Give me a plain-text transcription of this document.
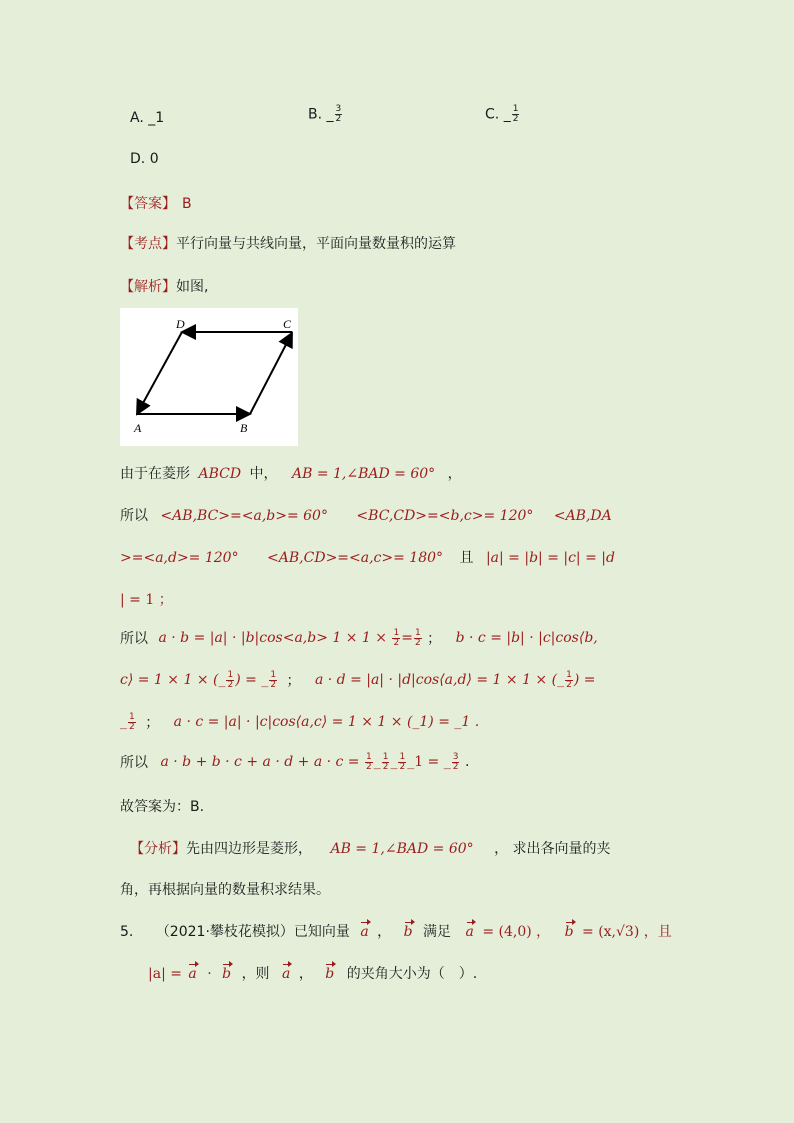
A. _1	B. _ $\frac{3}{2}$	C. _ $\frac{1}{2}$
D. 0
【答案】 B
【考点】平行向量与共线向量，平面向量数量积的运算
【解析】如图,
A	B
C
D
由于在菱形 ABCD 中， AB = 1,∠BAD = 60° ，
所以 <AB,BC>=<a,b>= 60° <BC,CD>=<b,c>= 120° <AB,DA
>=<a,d>= 120° <AB,CD>=<a,c>= 180° 且 |a| = |b| = |c| = |d
| = 1 ；
所以 $a \cdot b = |a| \cdot |b|\cos<a,b> 1 \times 1 \times \frac{1}{2} = \frac{1}{2}$ ； b · c = |b| · |c|cos⟨b,
c⟩ = 1 × 1 × (_ $\frac{1}{2}$ ) = _ $\frac{1}{2}$ ； a · d = |a| · |d|cos⟨a,d⟩ = 1 × 1 × (_ $\frac{1}{2}$ ) =
_ $\frac{1}{2}$ ； a · c = |a| · |c|cos⟨a,c⟩ = 1 × 1 × (_1) = _1 .
所以 $a \cdot b + b \cdot c + a \cdot d + a \cdot c = \frac{1}{2}$ _ $\frac{1}{2}$ _ $\frac{1}{2}$ _1 = _ $\frac{3}{2}$ .
故答案为：B.
【分析】先由四边形是菱形， AB = 1,∠BAD = 60° ， 求出各向量的夹
角，再根据向量的数量积求结果。
5. （2021·攀枝花模拟）已知向量 a ， b 满足 a = (4,0) ， b = (x,√3) ，且
|a| = a · b ，则 a ， b 的夹角大小为（　）.
